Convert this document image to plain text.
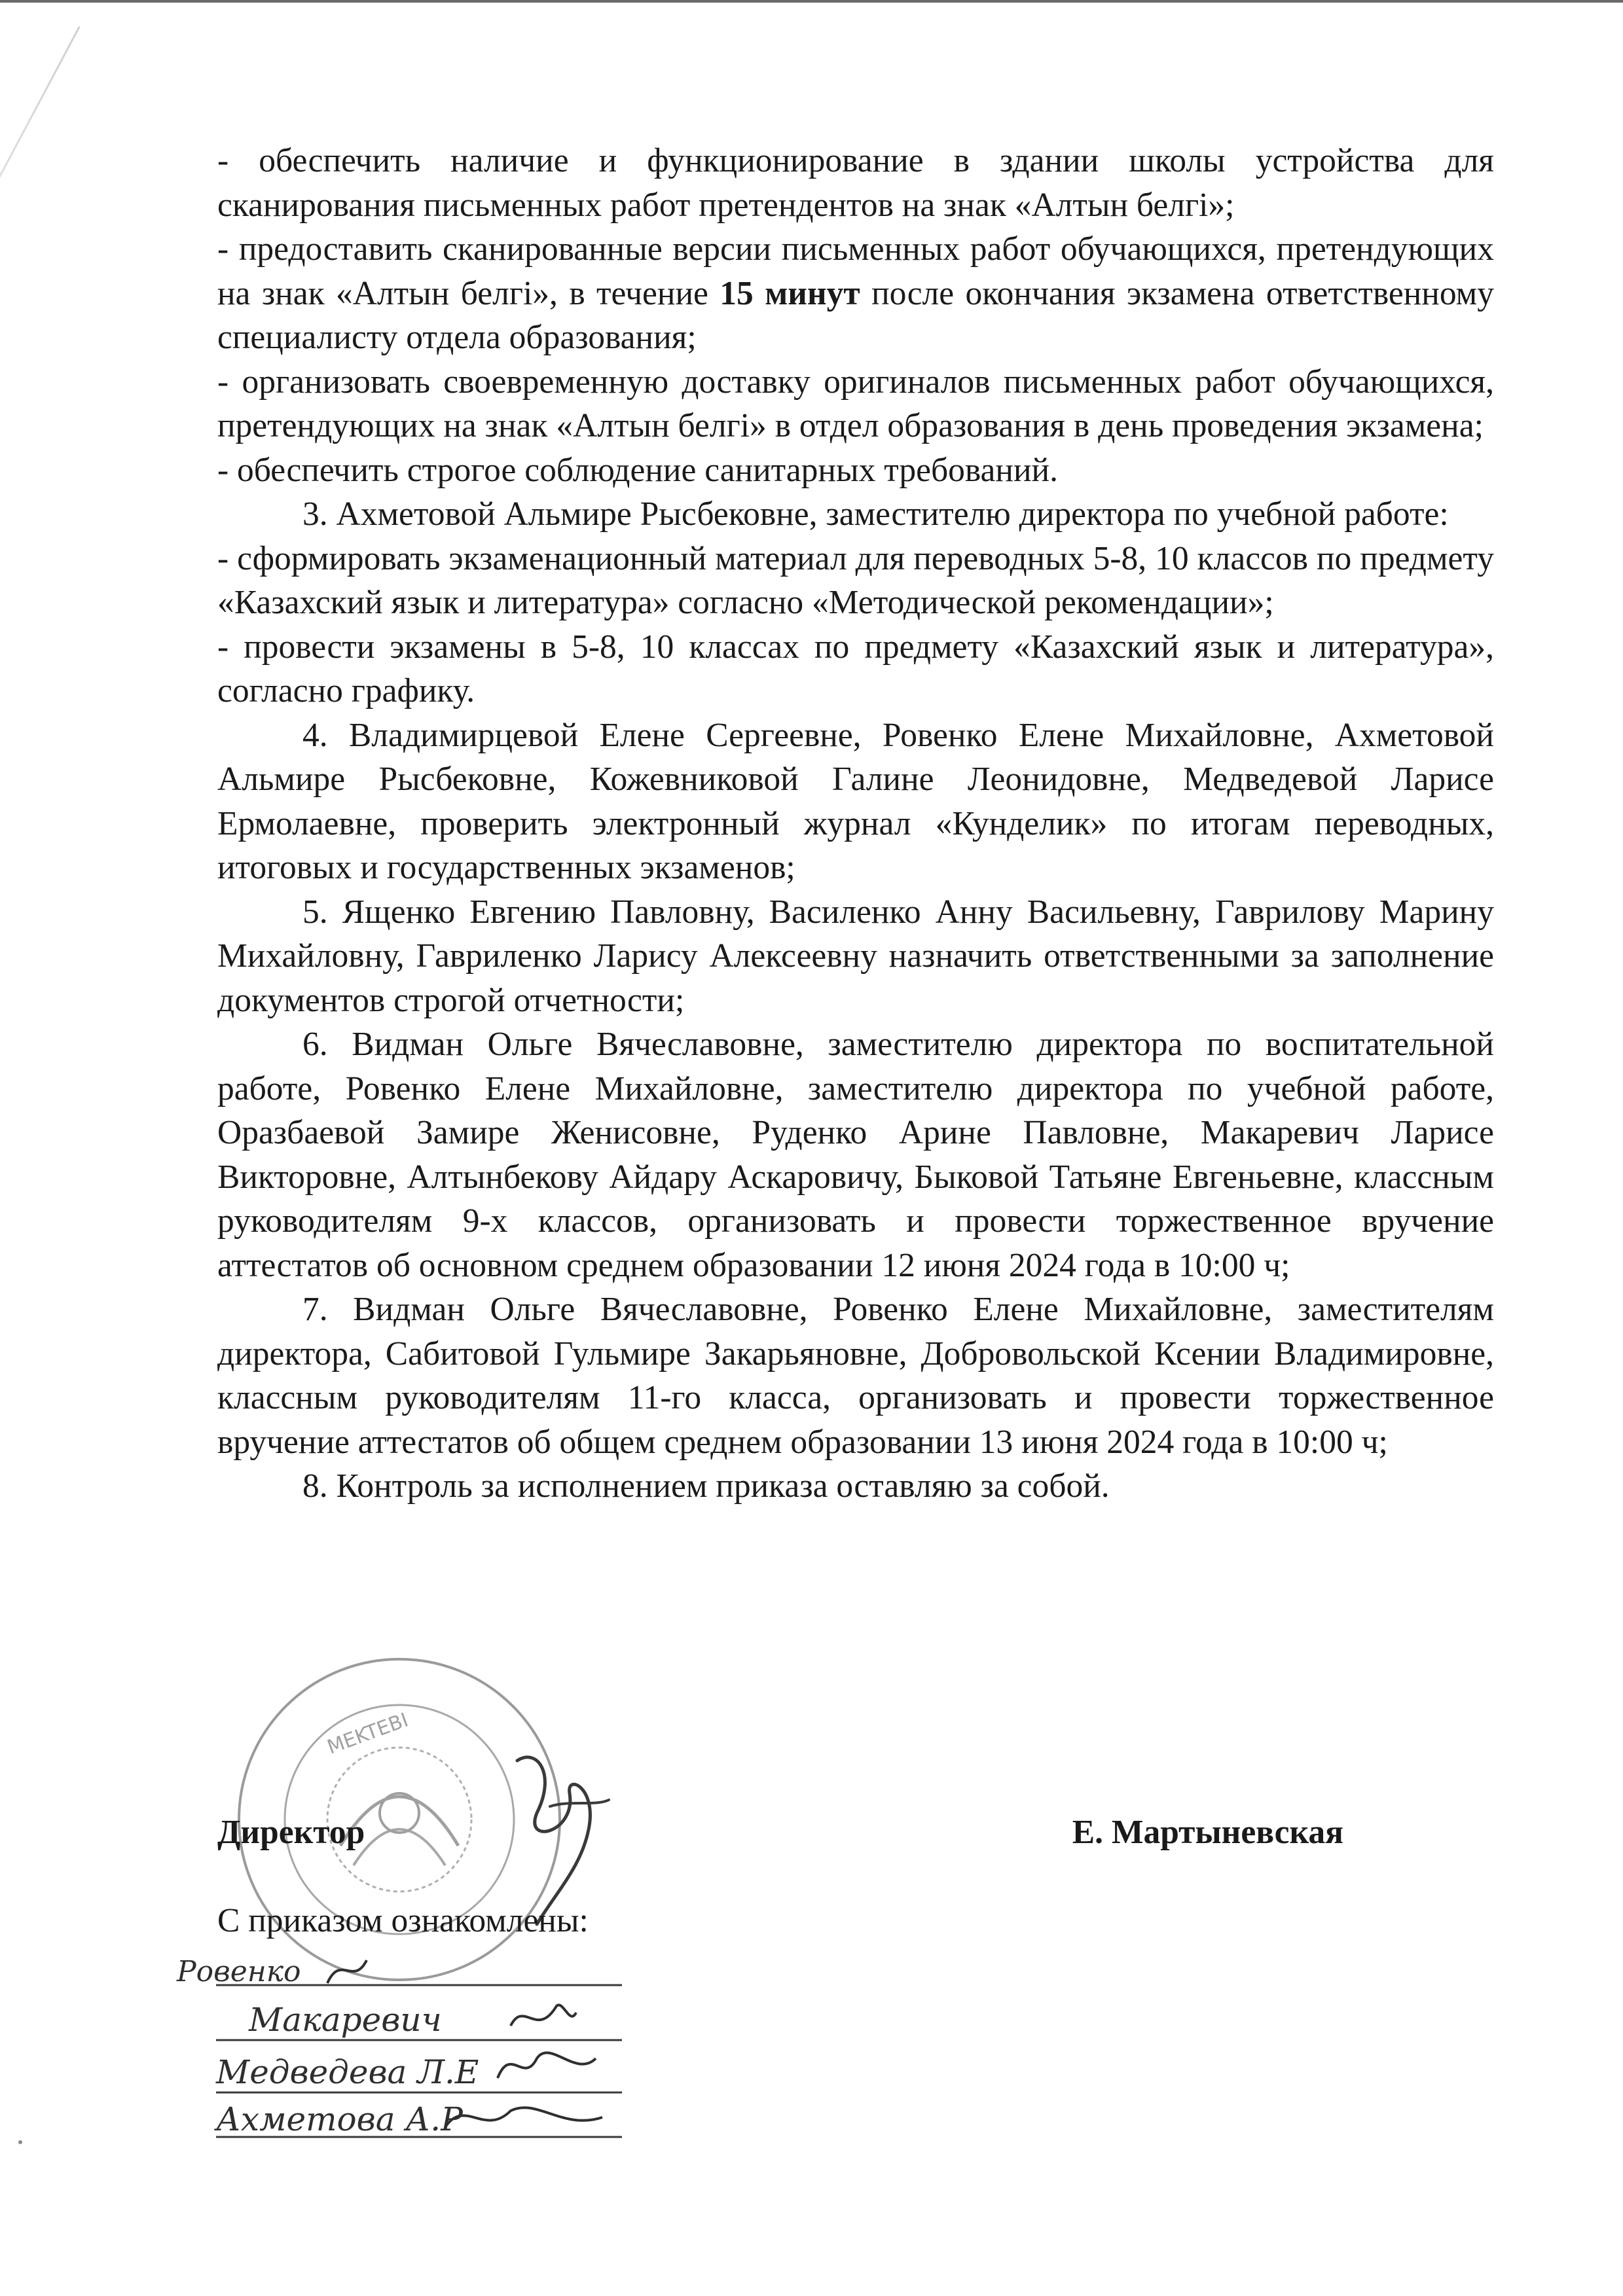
- обеспечить наличие и функционирование в здании школы устройства для сканирования письменных работ претендентов на знак «Алтын белгі»;

- предоставить сканированные версии письменных работ обучающихся, претендующих на знак «Алтын белгі», в течение 15 минут после окончания экзамена ответственному специалисту отдела образования;

- организовать своевременную доставку оригиналов письменных работ обучающихся, претендующих на знак «Алтын белгі» в отдел образования в день проведения экзамена;

- обеспечить строгое соблюдение санитарных требований.

3. Ахметовой Альмире Рысбековне, заместителю директора по учебной работе:

- сформировать экзаменационный материал для переводных 5-8, 10 классов по предмету «Казахский язык и литература» согласно «Методической рекомендации»;

- провести экзамены в 5-8, 10 классах по предмету «Казахский язык и литература», согласно графику.

4. Владимирцевой Елене Сергеевне, Ровенко Елене Михайловне, Ахметовой Альмире Рысбековне, Кожевниковой Галине Леонидовне, Медведевой Ларисе Ермолаевне, проверить электронный журнал «Кунделик» по итогам переводных, итоговых и государственных экзаменов;

5. Ященко Евгению Павловну, Василенко Анну Васильевну, Гаврилову Марину Михайловну, Гавриленко Ларису Алексеевну назначить ответственными за заполнение документов строгой отчетности;

6. Видман Ольге Вячеславовне, заместителю директора по воспитательной работе, Ровенко Елене Михайловне, заместителю директора по учебной работе, Оразбаевой Замире Женисовне, Руденко Арине Павловне, Макаревич Ларисе Викторовне, Алтынбекову Айдару Аскаровичу, Быковой Татьяне Евгеньевне, классным руководителям 9-х классов, организовать и провести торжественное вручение аттестатов об основном среднем образовании 12 июня 2024 года в 10:00 ч;

7. Видман Ольге Вячеславовне, Ровенко Елене Михайловне, заместителям директора, Сабитовой Гульмире Закарьяновне, Добровольской Ксении Владимировне, классным руководителям 11-го класса, организовать и провести торжественное вручение аттестатов об общем среднем образовании 13 июня 2024 года в 10:00 ч;

8. Контроль за исполнением приказа оставляю за собой.

MEKTEBI
Директор	Е. Мартыневская
С приказом ознакомлены:
Ровенко
Макаревич
Медведева Л.Е
Ахметова А.Р
